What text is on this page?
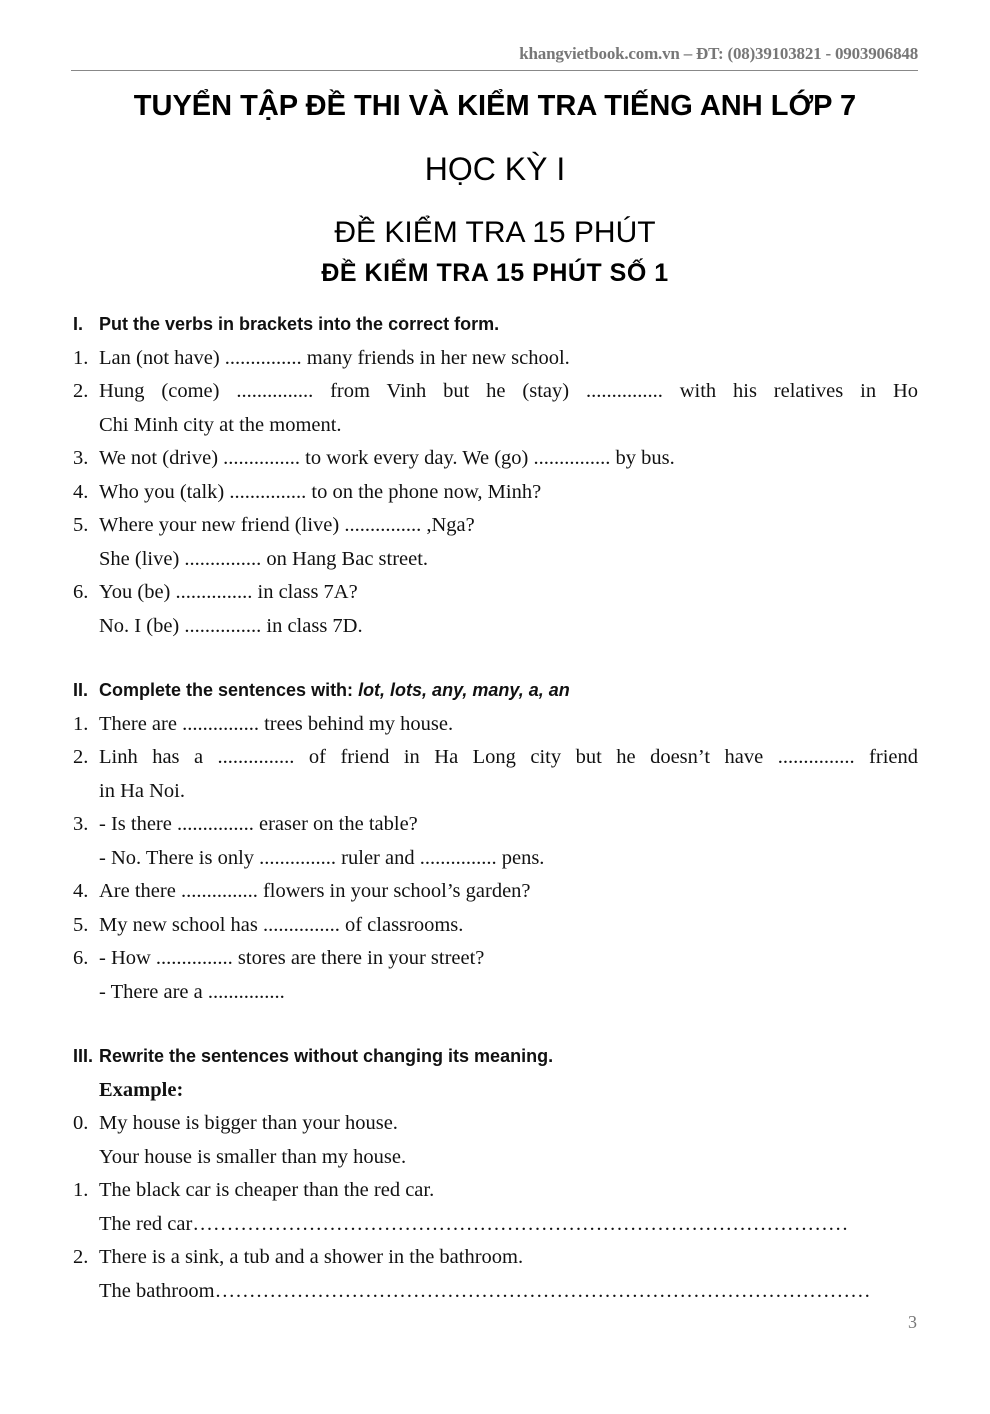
khangvietbook.com.vn – ĐT: (08)39103821 - 0903906848
TUYỂN TẬP ĐỀ THI VÀ KIỂM TRA TIẾNG ANH LỚP 7
HỌC KỲ I
ĐỀ KIỂM TRA 15 PHÚT
ĐỀ KIỂM TRA 15 PHÚT SỐ 1
I. Put the verbs in brackets into the correct form.
1. Lan (not have) ............... many friends in her new school.
2. Hung (come) ............... from Vinh but he (stay) ............... with his relatives in Ho
Chi Minh city at the moment.
3. We not (drive) ............... to work every day. We (go) ............... by bus.
4. Who you (talk) ............... to on the phone now, Minh?
5. Where your new friend (live) ............... ,Nga?
She (live) ............... on Hang Bac street.
6. You (be) ............... in class 7A?
No. I (be) ............... in class 7D.
II. Complete the sentences with: lot, lots, any, many, a, an
1. There are ............... trees behind my house.
2. Linh has a ............... of friend in Ha Long city but he doesn’t have ............... friend
in Ha Noi.
3. - Is there ............... eraser on the table?
- No. There is only ............... ruler and ............... pens.
4. Are there ............... flowers in your school’s garden?
5. My new school has ............... of classrooms.
6. - How ............... stores are there in your street?
- There are a ...............
III. Rewrite the sentences without changing its meaning.
Example:
0. My house is bigger than your house.
Your house is smaller than my house.
1. The black car is cheaper than the red car.
The red car……………………………………………………………………………………
2. There is a sink, a tub and a shower in the bathroom.
The bathroom……………………………………………………………………………………
3
